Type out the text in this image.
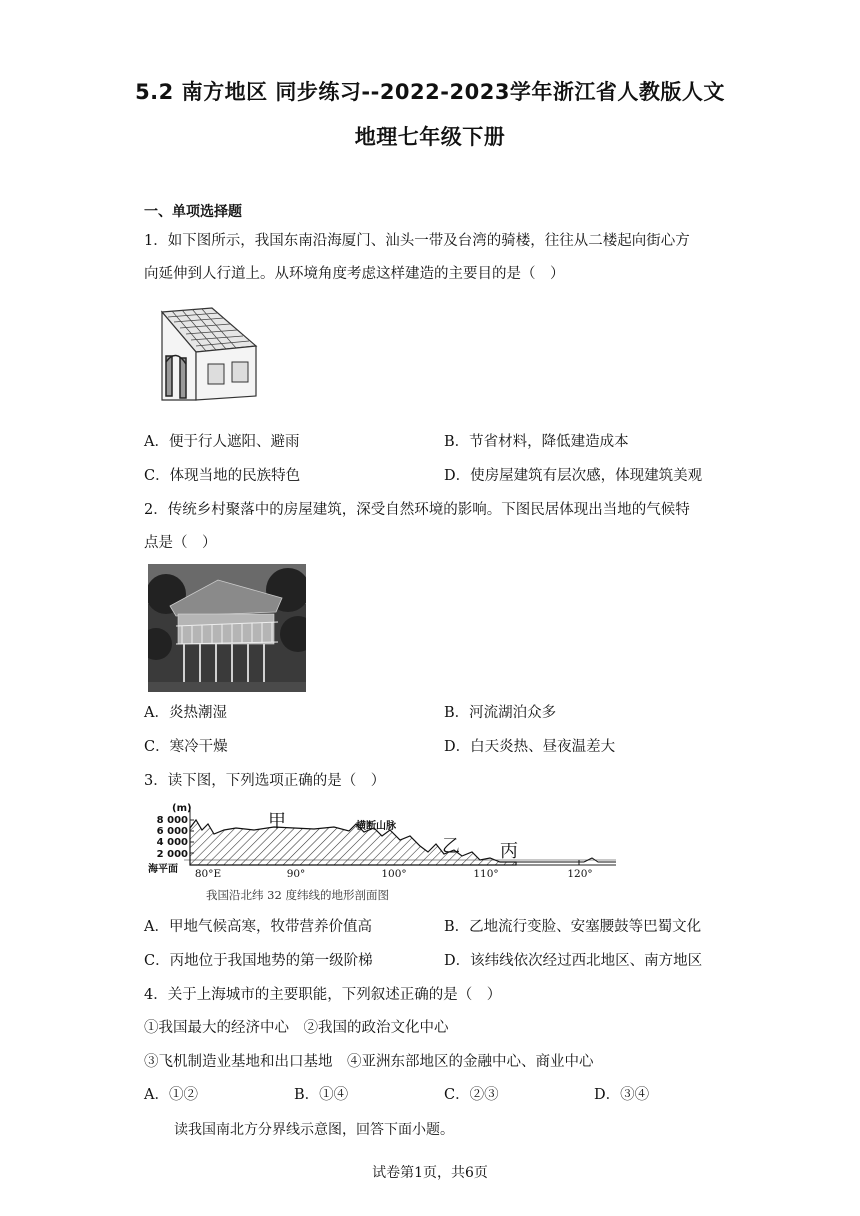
5.2 南方地区 同步练习--2022-2023学年浙江省人教版人文
地理七年级下册
一、单项选择题
1．如下图所示，我国东南沿海厦门、汕头一带及台湾的骑楼，往往从二楼起向街心方
向延伸到人行道上。从环境角度考虑这样建造的主要目的是（　）
A．便于行人遮阳、避雨	B．节省材料，降低建造成本
C．体现当地的民族特色	D．使房屋建筑有层次感，体现建筑美观
2．传统乡村聚落中的房屋建筑，深受自然环境的影响。下图民居体现出当地的气候特
点是（　）
A．炎热潮湿	B．河流湖泊众多
C．寒冷干燥	D．白天炎热、昼夜温差大
3．读下图，下列选项正确的是（　）
(m)
8 000
6 000
4 000
2 000
海平面 80°E	90°	100°	110°	120°
甲	横断山脉
乙 丙
我国沿北纬 32 度纬线的地形剖面图
A．甲地气候高寒，牧带营养价值高	B．乙地流行变脸、安塞腰鼓等巴蜀文化
C．丙地位于我国地势的第一级阶梯	D．该纬线依次经过西北地区、南方地区
4．关于上海城市的主要职能，下列叙述正确的是（　）
①我国最大的经济中心　②我国的政治文化中心
③飞机制造业基地和出口基地　④亚洲东部地区的金融中心、商业中心
A．①②	B．①④	C．②③	D．③④
读我国南北方分界线示意图，回答下面小题。
试卷第1页，共6页
